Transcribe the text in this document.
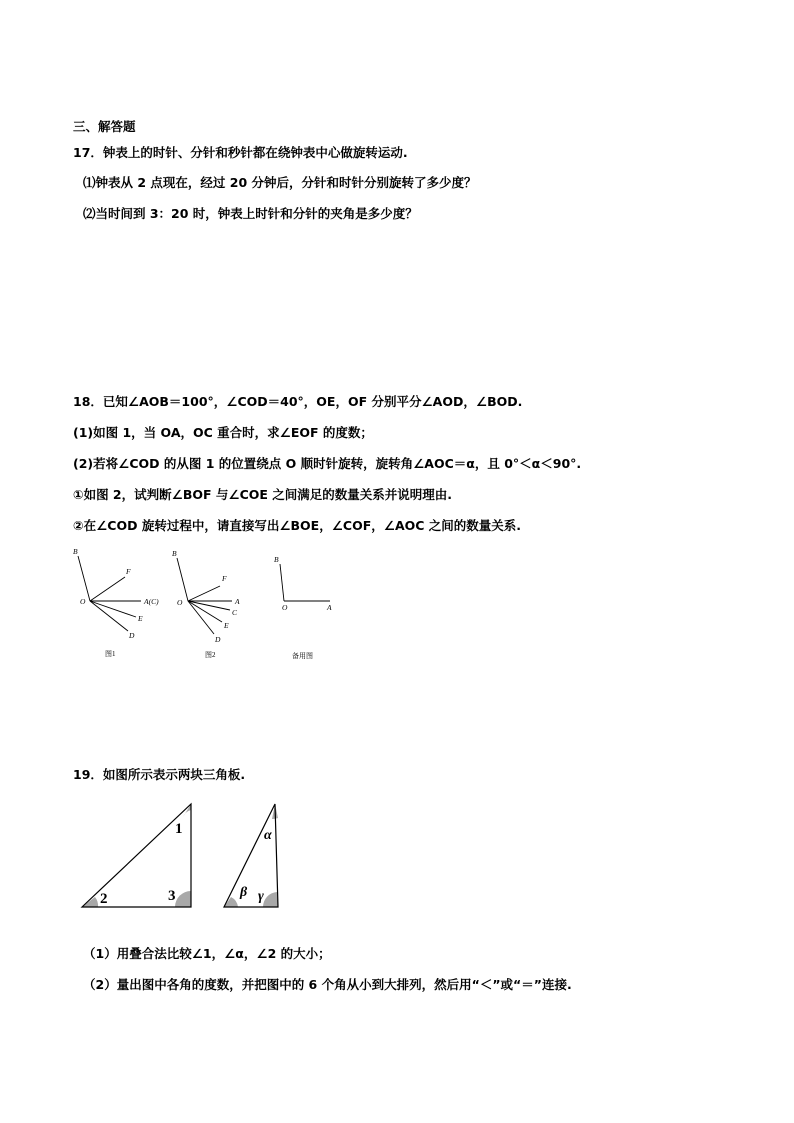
三、解答题
17．钟表上的时针、分针和秒针都在绕钟表中心做旋转运动.
⑴钟表从 2 点现在，经过 20 分钟后，分针和时针分别旋转了多少度？
⑵当时间到 3：20 时，钟表上时针和分针的夹角是多少度？
18．已知∠AOB＝100°，∠COD＝40°，OE，OF 分别平分∠AOD，∠BOD.
(1)如图 1，当 OA，OC 重合时，求∠EOF 的度数；
(2)若将∠COD 的从图 1 的位置绕点 O 顺时针旋转，旋转角∠AOC＝α，且 0°＜α＜90°.
①如图 2，试判断∠BOF 与∠COE 之间满足的数量关系并说明理由.
②在∠COD 旋转过程中，请直接写出∠BOE，∠COF，∠AOC 之间的数量关系.
B
F
O	A(C)
E
D
图1
B
F
O	A
C
E
D
图2
B
O	A
备用图
19．如图所示表示两块三角板.
1
2	3
α
β γ
（1）用叠合法比较∠1，∠α，∠2 的大小；
（2）量出图中各角的度数，并把图中的 6 个角从小到大排列，然后用“＜”或“＝”连接.
